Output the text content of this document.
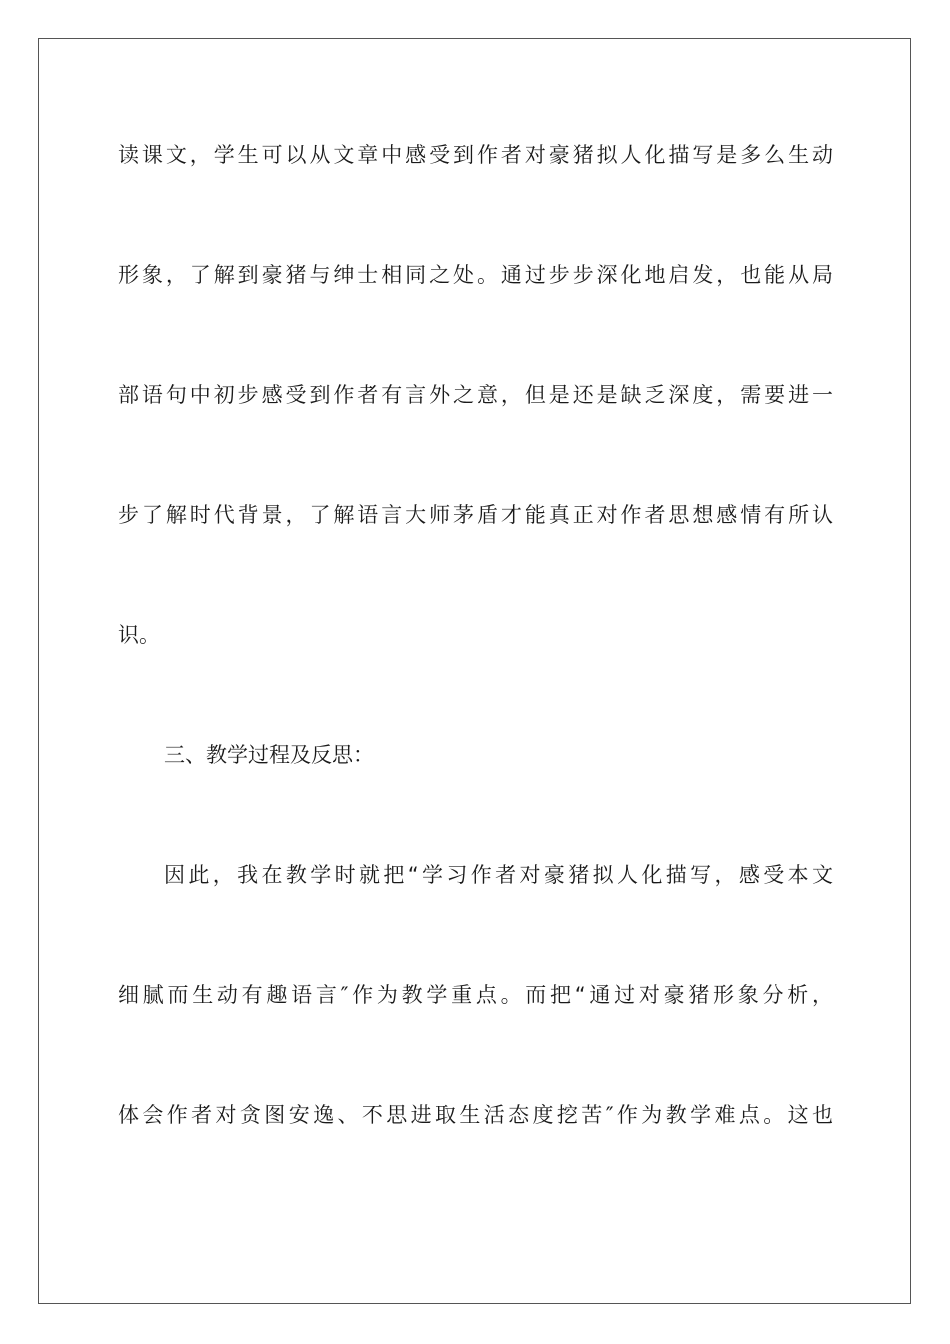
读课文，学生可以从文章中感受到作者对豪猪拟人化描写是多么生动
形象，了解到豪猪与绅士相同之处。通过步步深化地启发，也能从局
部语句中初步感受到作者有言外之意，但是还是缺乏深度，需要进一
步了解时代背景，了解语言大师茅盾才能真正对作者思想感情有所认
识。
三、教学过程及反思：
因此，我在教学时就把“学习作者对豪猪拟人化描写，感受本文
细腻而生动有趣语言″作为教学重点。而把“通过对豪猪形象分析，
体会作者对贪图安逸、不思进取生活态度挖苦″作为教学难点。这也
